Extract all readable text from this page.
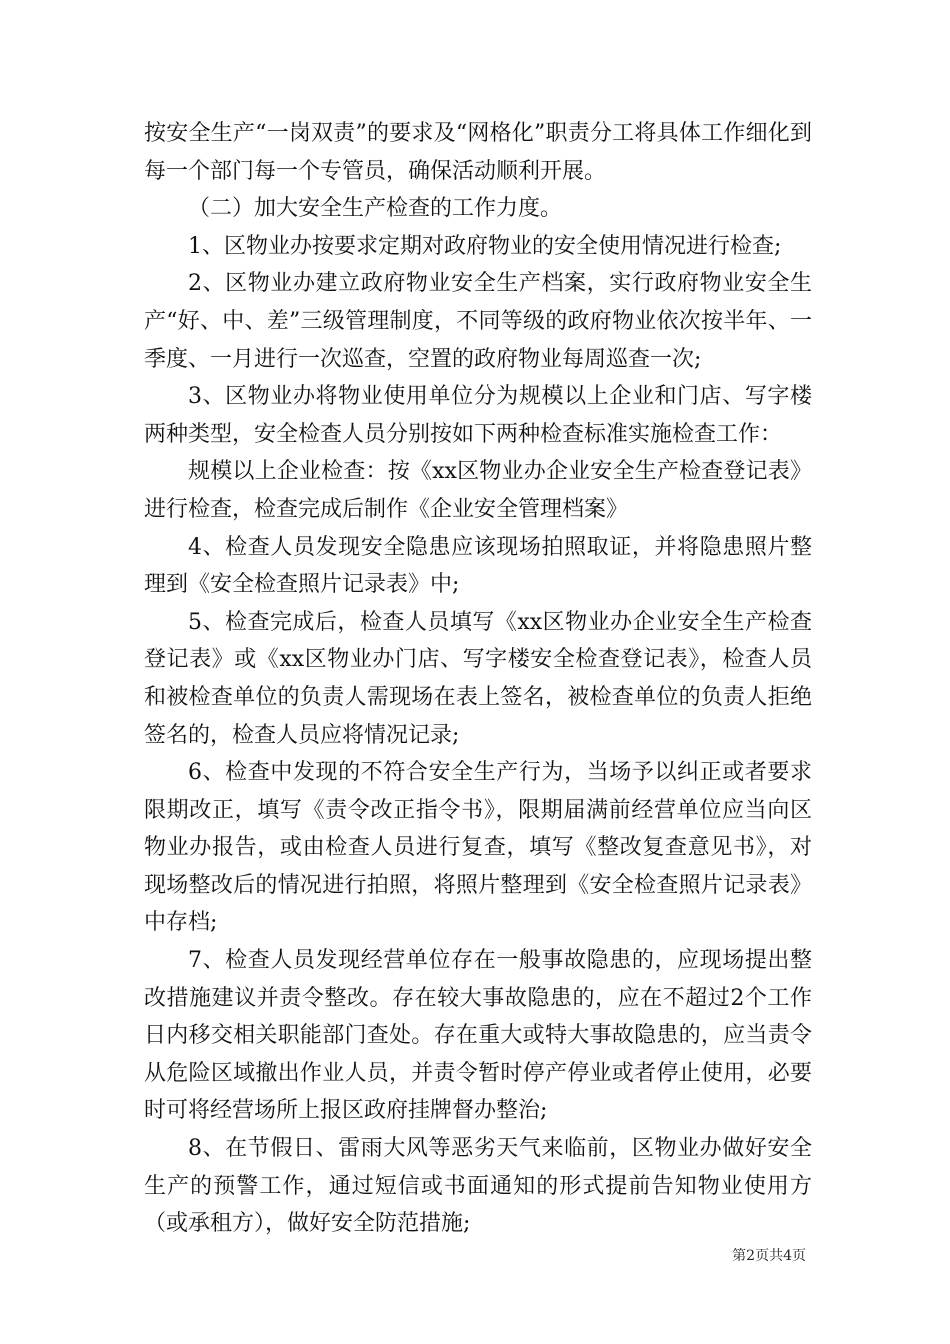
按安全生产“一岗双责”的要求及“网格化”职责分工将具体工作细化到每一个部门每一个专管员，确保活动顺利开展。

（二）加大安全生产检查的工作力度。

1、区物业办按要求定期对政府物业的安全使用情况进行检查;

2、区物业办建立政府物业安全生产档案，实行政府物业安全生产“好、中、差”三级管理制度，不同等级的政府物业依次按半年、一季度、一月进行一次巡查，空置的政府物业每周巡查一次;

3、区物业办将物业使用单位分为规模以上企业和门店、写字楼两种类型，安全检查人员分别按如下两种检查标准实施检查工作：

规模以上企业检查：按《xx区物业办企业安全生产检查登记表》进行检查，检查完成后制作《企业安全管理档案》

4、检查人员发现安全隐患应该现场拍照取证，并将隐患照片整理到《安全检查照片记录表》中;

5、检查完成后，检查人员填写《xx区物业办企业安全生产检查登记表》或《xx区物业办门店、写字楼安全检查登记表》，检查人员和被检查单位的负责人需现场在表上签名，被检查单位的负责人拒绝签名的，检查人员应将情况记录;

6、检查中发现的不符合安全生产行为，当场予以纠正或者要求限期改正，填写《责令改正指令书》，限期届满前经营单位应当向区物业办报告，或由检查人员进行复查，填写《整改复查意见书》，对现场整改后的情况进行拍照，将照片整理到《安全检查照片记录表》中存档;

7、检查人员发现经营单位存在一般事故隐患的，应现场提出整改措施建议并责令整改。存在较大事故隐患的，应在不超过2个工作日内移交相关职能部门查处。存在重大或特大事故隐患的，应当责令从危险区域撤出作业人员，并责令暂时停产停业或者停止使用，必要时可将经营场所上报区政府挂牌督办整治;

8、在节假日、雷雨大风等恶劣天气来临前，区物业办做好安全生产的预警工作，通过短信或书面通知的形式提前告知物业使用方（或承租方），做好安全防范措施;

第2页共4页
